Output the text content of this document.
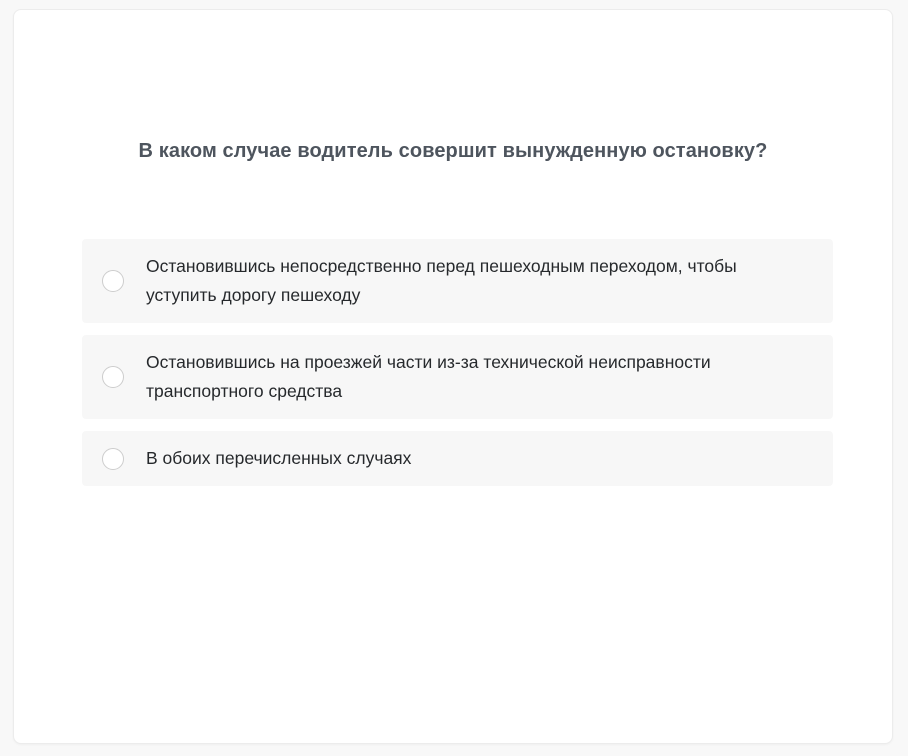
В каком случае водитель совершит вынужденную остановку?
Остановившись непосредственно перед пешеходным переходом, чтобы уступить дорогу пешеходу
Остановившись на проезжей части из-за технической неисправности транспортного средства
В обоих перечисленных случаях
